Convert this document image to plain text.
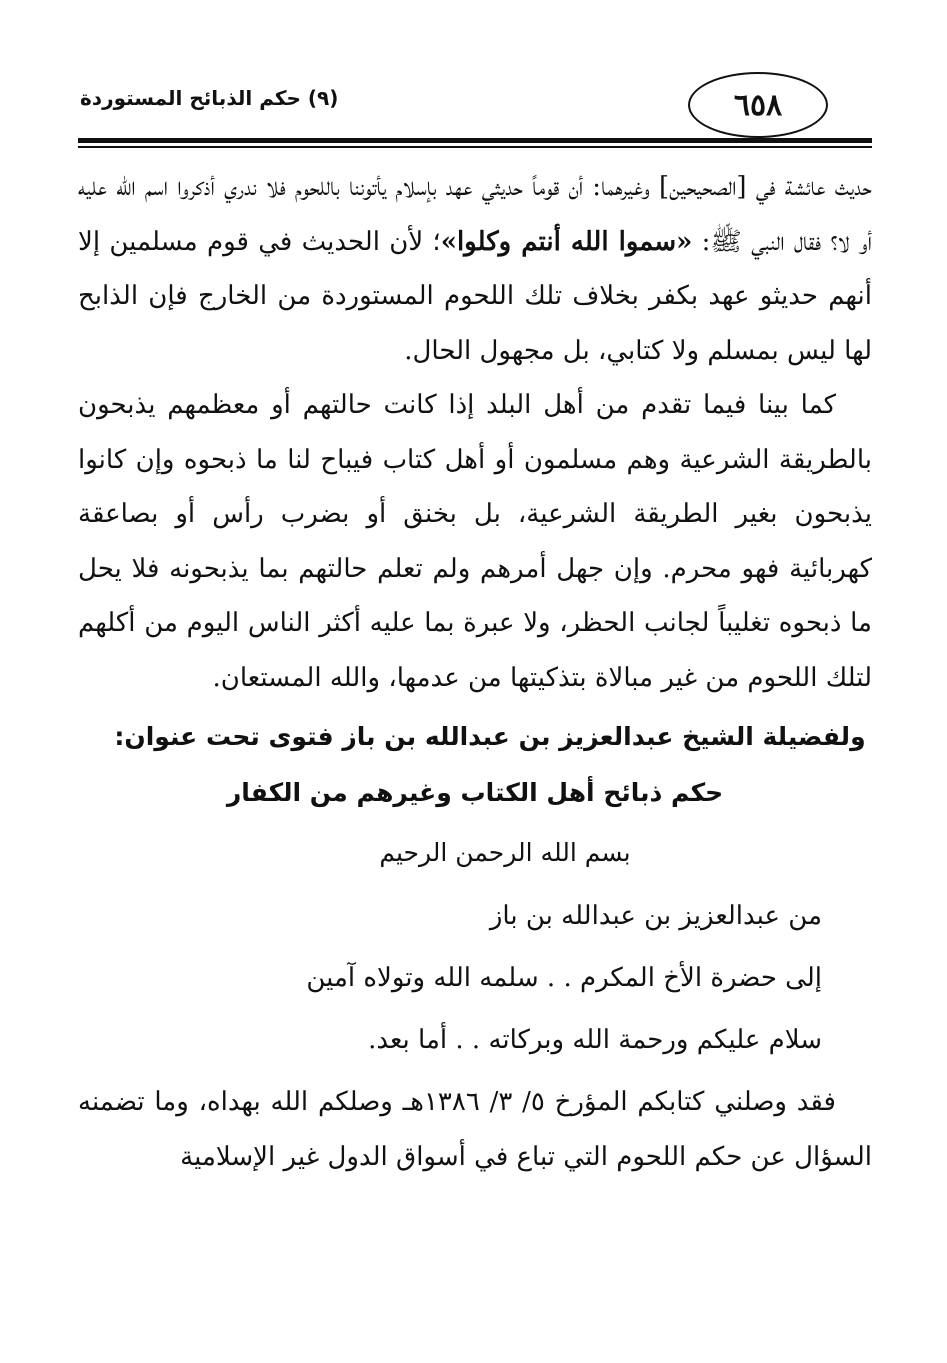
٦٥٨
(٩) حكم الذبائح المستوردة

حديث عائشة في [الصحيحين] وغيرهما: أن قوماً حديثي عهد بإسلام يأتوننا باللحوم فلا ندري أذكروا اسم الله عليه أو لا؟ فقال النبي ﷺ: «سموا الله أنتم وكلوا»؛ لأن الحديث في قوم مسلمين إلا أنهم حديثو عهد بكفر بخلاف تلك اللحوم المستوردة من الخارج فإن الذابح لها ليس بمسلم ولا كتابي، بل مجهول الحال.

كما بينا فيما تقدم من أهل البلد إذا كانت حالتهم أو معظمهم يذبحون بالطريقة الشرعية وهم مسلمون أو أهل كتاب فيباح لنا ما ذبحوه وإن كانوا يذبحون بغير الطريقة الشرعية، بل بخنق أو بضرب رأس أو بصاعقة كهربائية فهو محرم. وإن جهل أمرهم ولم تعلم حالتهم بما يذبحونه فلا يحل ما ذبحوه تغليباً لجانب الحظر، ولا عبرة بما عليه أكثر الناس اليوم من أكلهم لتلك اللحوم من غير مبالاة بتذكيتها من عدمها، والله المستعان.

ولفضيلة الشيخ عبدالعزيز بن عبدالله بن باز فتوى تحت عنوان:

حكم ذبائح أهل الكتاب وغيرهم من الكفار

بسم الله الرحمن الرحيم

من عبدالعزيز بن عبدالله بن باز

إلى حضرة الأخ المكرم . . سلمه الله وتولاه آمين

سلام عليكم ورحمة الله وبركاته . . أما بعد.

فقد وصلني كتابكم المؤرخ ٥/ ٣/ ١٣٨٦هـ وصلكم الله بهداه، وما تضمنه السؤال عن حكم اللحوم التي تباع في أسواق الدول غير الإسلامية
